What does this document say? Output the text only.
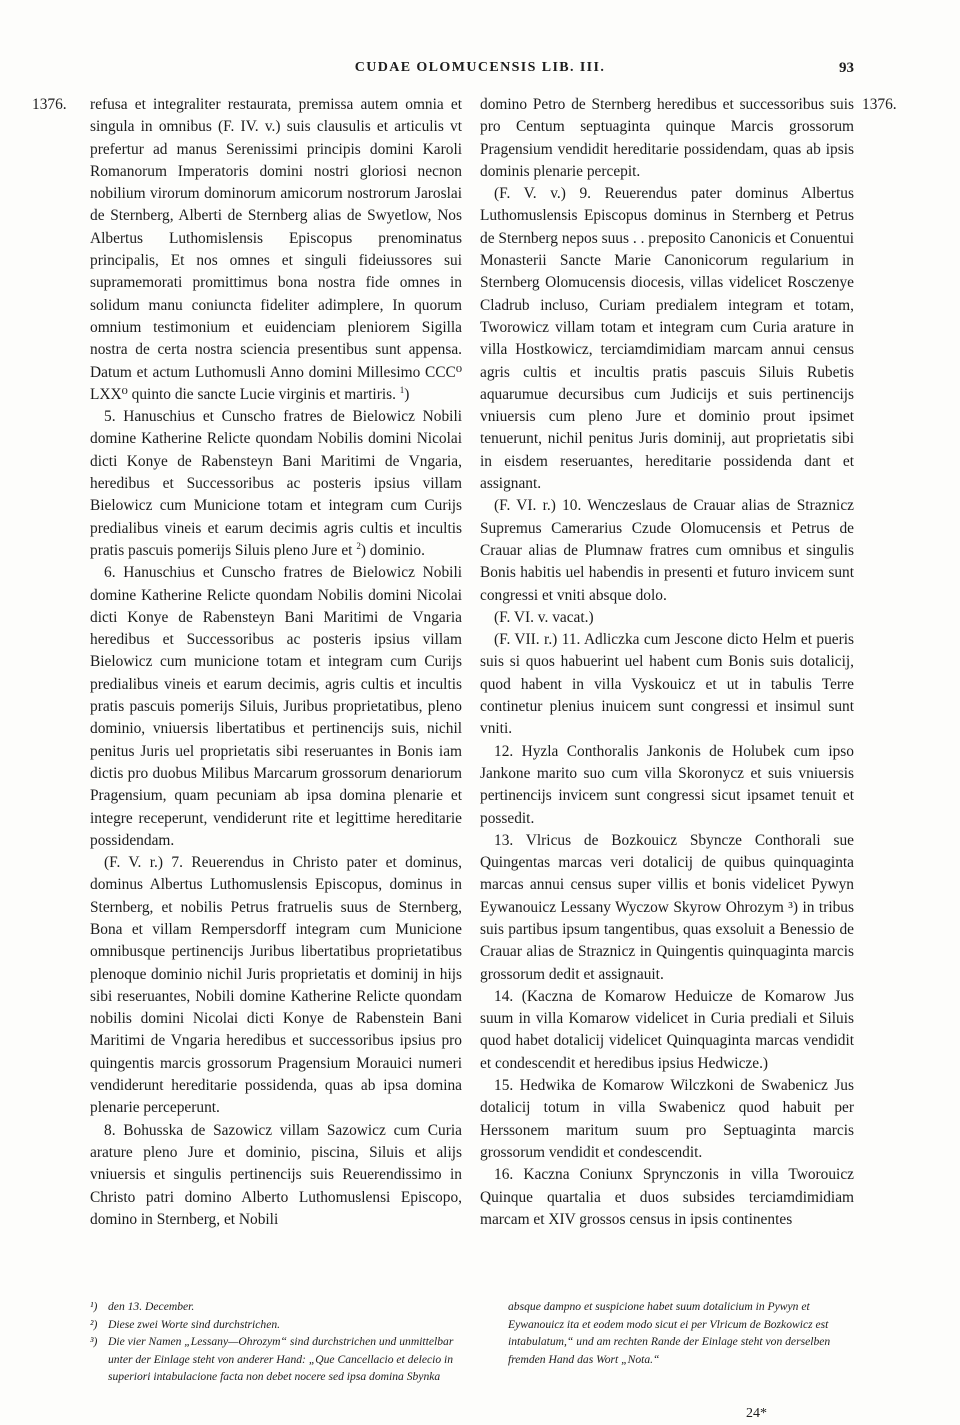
CUDAE OLOMUCENSIS LIB. III.	93
1376.	1376.

refusa et integraliter restaurata, premissa autem omnia et singula in omnibus (F. IV. v.) suis clausulis et articulis vt prefertur ad manus Serenissimi principis domini Karoli Romanorum Imperatoris domini nostri gloriosi necnon nobilium virorum dominorum amicorum nostrorum Jaroslai de Sternberg, Alberti de Sternberg alias de Swyetlow, Nos Albertus Luthomislensis Episcopus prenominatus principalis, Et nos omnes et singuli fideiussores sui supramemorati promittimus bona nostra fide omnes in solidum manu coniuncta fideliter adimplere, In quorum omnium testimonium et euidenciam pleniorem Sigilla nostra de certa nostra sciencia presentibus sunt appensa. Datum et actum Luthomusli Anno domini Millesimo CCC⁰ LXX⁰ quinto die sancte Lucie virginis et martiris. $^1$)

5. Hanuschius et Cunscho fratres de Bielowicz Nobili domine Katherine Relicte quondam Nobilis domini Nicolai dicti Konye de Rabensteyn Bani Maritimi de Vngaria, heredibus et Successoribus ac posteris ipsius villam Bielowicz cum Municione totam et integram cum Curijs predialibus vineis et earum decimis agris cultis et incultis pratis pascuis pomerijs Siluis pleno Jure et $^2$) dominio.

6. Hanuschius et Cunscho fratres de Bielowicz Nobili domine Katherine Relicte quondam Nobilis domini Nicolai dicti Konye de Rabensteyn Bani Maritimi de Vngaria heredibus et Successoribus ac posteris ipsius villam Bielowicz cum municione totam et integram cum Curijs predialibus vineis et earum decimis, agris cultis et incultis pratis pascuis pomerijs Siluis, Juribus proprietatibus, pleno dominio, vniuersis libertatibus et pertinencijs suis, nichil penitus Juris uel proprietatis sibi reseruantes in Bonis iam dictis pro duobus Milibus Marcarum grossorum denariorum Pragensium, quam pecuniam ab ipsa domina plenarie et integre receperunt, vendiderunt rite et legittime hereditarie possidendam.

(F. V. r.) 7. Reuerendus in Christo pater et dominus, dominus Albertus Luthomuslensis Episcopus, dominus in Sternberg, et nobilis Petrus fratruelis suus de Sternberg, Bona et villam Rempersdorff integram cum Municione omnibusque pertinencijs Juribus libertatibus proprietatibus plenoque dominio nichil Juris proprietatis et dominij in hijs sibi reseruantes, Nobili domine Katherine Relicte quondam nobilis domini Nicolai dicti Konye de Rabenstein Bani Maritimi de Vngaria heredibus et successoribus ipsius pro quingentis marcis grossorum Pragensium Morauici numeri vendiderunt hereditarie possidenda, quas ab ipsa domina plenarie perceperunt.

8. Bohusska de Sazowicz villam Sazowicz cum Curia arature pleno Jure et dominio, piscina, Siluis et alijs vniuersis et singulis pertinencijs suis Reuerendissimo in Christo patri domino Alberto Luthomuslensi Episcopo, domino in Sternberg, et Nobili

domino Petro de Sternberg heredibus et successoribus suis pro Centum septuaginta quinque Marcis grossorum Pragensium vendidit hereditarie possidendam, quas ab ipsis dominis plenarie percepit.

(F. V. v.) 9. Reuerendus pater dominus Albertus Luthomuslensis Episcopus dominus in Sternberg et Petrus de Sternberg nepos suus . . preposito Canonicis et Conuentui Monasterii Sancte Marie Canonicorum regularium in Sternberg Olomucensis diocesis, villas videlicet Rosczenye Cladrub incluso, Curiam predialem integram et totam, Tworowicz villam totam et integram cum Curia arature in villa Hostkowicz, terciamdimidiam marcam annui census agris cultis et incultis pratis pascuis Siluis Rubetis aquarumue decursibus cum Judicijs et suis pertinencijs vniuersis cum pleno Jure et dominio prout ipsimet tenuerunt, nichil penitus Juris dominij, aut proprietatis sibi in eisdem reseruantes, hereditarie possidenda dant et assignant.

(F. VI. r.) 10. Wenczeslaus de Crauar alias de Straznicz Supremus Camerarius Czude Olomucensis et Petrus de Crauar alias de Plumnaw fratres cum omnibus et singulis Bonis habitis uel habendis in presenti et futuro invicem sunt congressi et vniti absque dolo.

(F. VI. v. vacat.)

(F. VII. r.) 11. Adliczka cum Jescone dicto Helm et pueris suis si quos habuerint uel habent cum Bonis suis dotalicij, quod habent in villa Vyskouicz et ut in tabulis Terre continetur plenius inuicem sunt congressi et insimul sunt vniti.

12. Hyzla Conthoralis Jankonis de Holubek cum ipso Jankone marito suo cum villa Skoronycz et suis vniuersis pertinencijs invicem sunt congressi sicut ipsamet tenuit et possedit.

13. Vlricus de Bozkouicz Sbyncze Conthorali sue Quingentas marcas veri dotalicij de quibus quinquaginta marcas annui census super villis et bonis videlicet Pywyn Eywanouicz Lessany Wyczow Skyrow Ohrozym ³) in tribus suis partibus ipsum tangentibus, quas exsoluit a Benessio de Crauar alias de Straznicz in Quingentis quinquaginta marcis grossorum dedit et assignauit.

14. (Kaczna de Komarow Heduicze de Komarow Jus suum in villa Komarow videlicet in Curia prediali et Siluis quod habet dotalicij videlicet Quinquaginta marcas vendidit et condescendit et heredibus ipsius Hedwicze.)

15. Hedwika de Komarow Wilczkoni de Swabenicz Jus dotalicij totum in villa Swabenicz quod habuit per Herssonem maritum suum pro Septuaginta marcis grossorum vendidit et condescendit.

16. Kaczna Coniunx Sprynczonis in villa Tworouicz Quinque quartalia et duos subsides terciamdimidiam marcam et XIV grossos census in ipsis continentes

¹) den 13. December.

²) Diese zwei Worte sind durchstrichen.

³) Die vier Namen „Lessany—Ohrozym“ sind durchstrichen und unmittelbar unter der Einlage steht von anderer Hand: „Que Cancellacio et delecio in superiori intabulacione facta non debet nocere sed ipsa domina Sbynka

absque dampno et suspicione habet suum dotalicium in Pywyn et Eywanouicz ita et eodem modo sicut ei per Vlricum de Bozkowicz est intabulatum,“ und am rechten Rande der Einlage steht von derselben fremden Hand das Wort „Nota.“

24*
